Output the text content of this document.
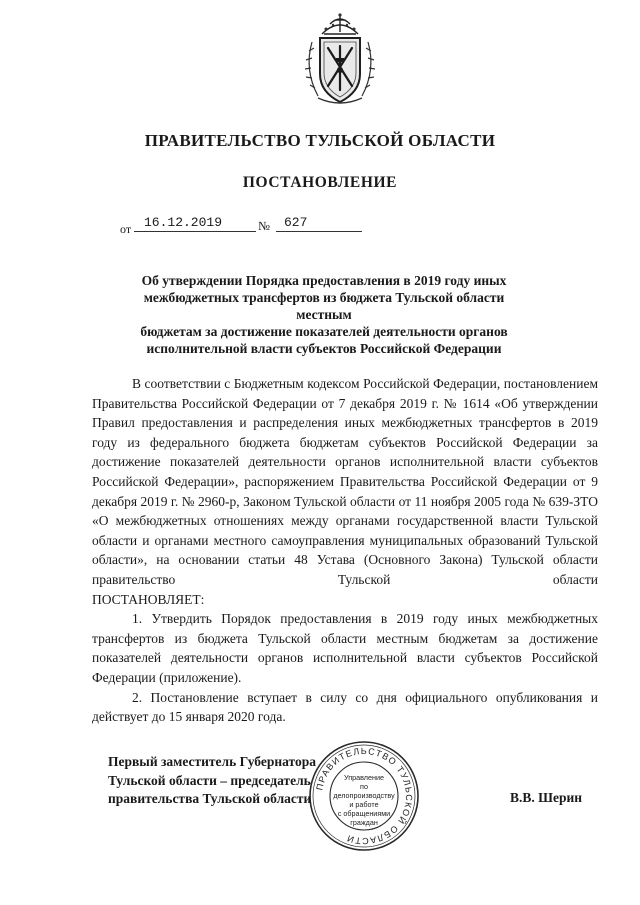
ПРАВИТЕЛЬСТВО ТУЛЬСКОЙ ОБЛАСТИ
ПОСТАНОВЛЕНИЕ
от 16.12.2019	№	627
Об утверждении Порядка предоставления в 2019 году иных
межбюджетных трансфертов из бюджета Тульской области местным
бюджетам за достижение показателей деятельности органов
исполнительной власти субъектов Российской Федерации

В соответствии с Бюджетным кодексом Российской Федерации, постановлением Правительства Российской Федерации от 7 декабря 2019 г. № 1614 «Об утверждении Правил предоставления и распределения иных межбюджетных трансфертов в 2019 году из федерального бюджета бюджетам субъектов Российской Федерации за достижение показателей деятельности органов исполнительной власти субъектов Российской Федерации», распоряжением Правительства Российской Федерации от 9 декабря 2019 г. № 2960-р, Законом Тульской области от 11 ноября 2005 года № 639-ЗТО «О межбюджетных отношениях между органами государственной власти Тульской области и органами местного самоуправления муниципальных образований Тульской области», на основании статьи 48 Устава (Основного Закона) Тульской области правительство Тульской области

ПОСТАНОВЛЯЕТ:

1. Утвердить Порядок предоставления в 2019 году иных межбюджетных трансфертов из бюджета Тульской области местным бюджетам за достижение показателей деятельности органов исполнительной власти субъектов Российской Федерации (приложение).

2. Постановление вступает в силу со дня официального опубликования и действует до 15 января 2020 года.

ПРАВИТЕЛЬСТВО ТУЛЬСКОЙ ОБЛАСТИ
Управление
по делопроизводству
и работе
с обращениями
граждан
Первый заместитель Губернатора
Тульской области – председатель
правительства Тульской области	В.В. Шерин
